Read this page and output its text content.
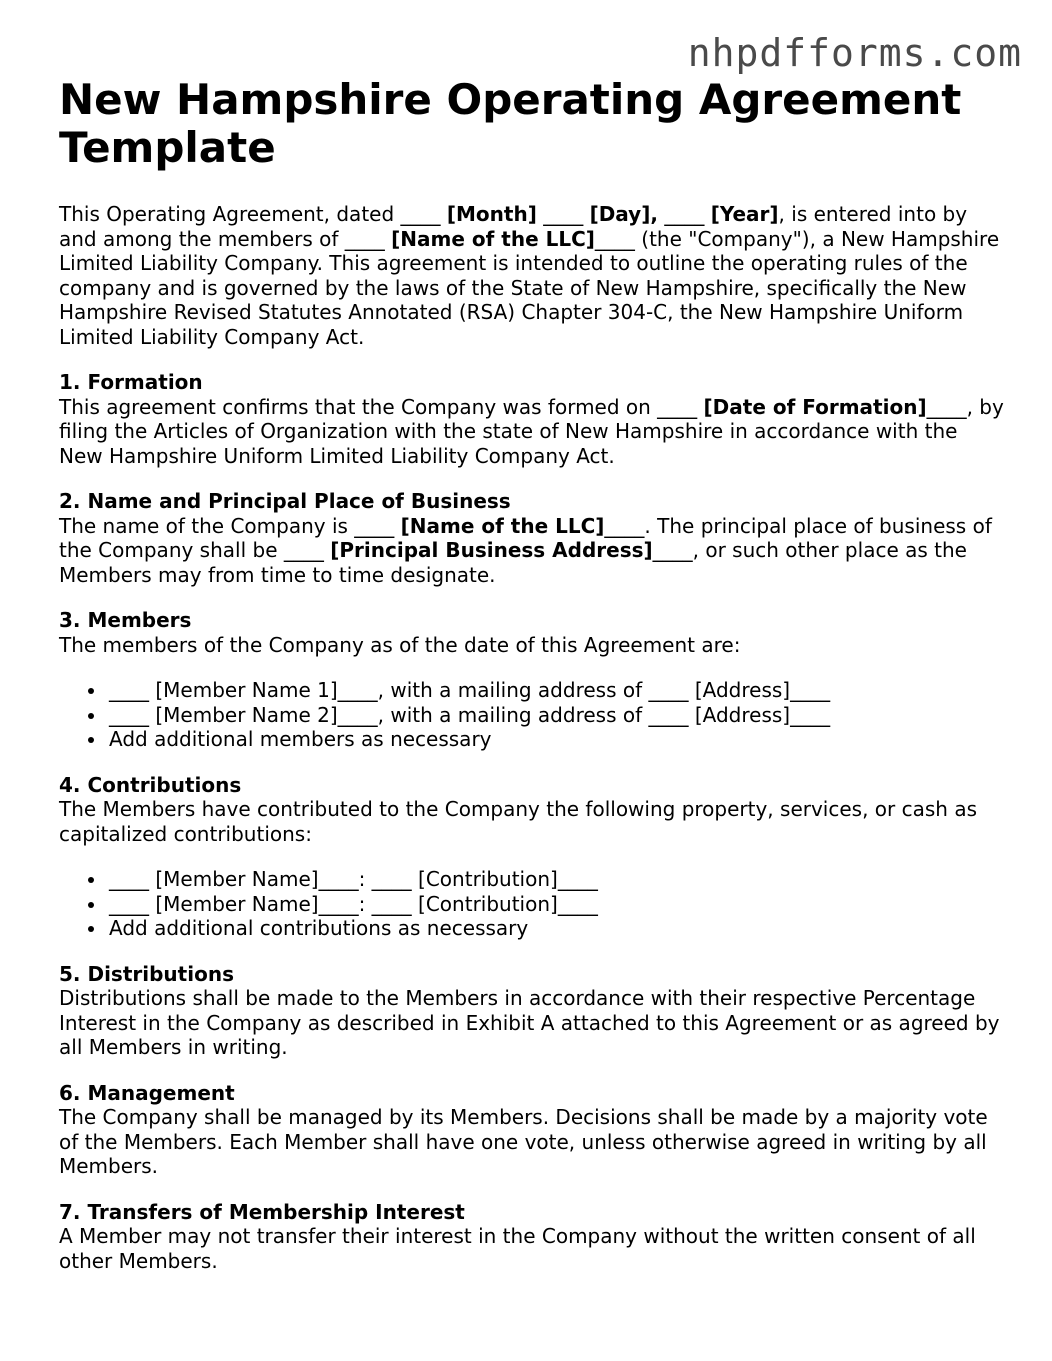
nhpdfforms.com
New Hampshire Operating Agreement Template

This Operating Agreement, dated ____ [Month] ____ [Day], ____ [Year], is entered into by and among the members of ____ [Name of the LLC]____ (the "Company"), a New Hampshire Limited Liability Company. This agreement is intended to outline the operating rules of the company and is governed by the laws of the State of New Hampshire, specifically the New Hampshire Revised Statutes Annotated (RSA) Chapter 304-C, the New Hampshire Uniform Limited Liability Company Act.

1. Formation

This agreement confirms that the Company was formed on ____ [Date of Formation]____, by filing the Articles of Organization with the state of New Hampshire in accordance with the New Hampshire Uniform Limited Liability Company Act.

2. Name and Principal Place of Business

The name of the Company is ____ [Name of the LLC]____. The principal place of business of the Company shall be ____ [Principal Business Address]____, or such other place as the Members may from time to time designate.

3. Members

The members of the Company as of the date of this Agreement are:

____ [Member Name 1]____, with a mailing address of ____ [Address]____
____ [Member Name 2]____, with a mailing address of ____ [Address]____
Add additional members as necessary
4. Contributions

The Members have contributed to the Company the following property, services, or cash as capitalized contributions:

____ [Member Name]____: ____ [Contribution]____
____ [Member Name]____: ____ [Contribution]____
Add additional contributions as necessary
5. Distributions

Distributions shall be made to the Members in accordance with their respective Percentage Interest in the Company as described in Exhibit A attached to this Agreement or as agreed by all Members in writing.

6. Management

The Company shall be managed by its Members. Decisions shall be made by a majority vote of the Members. Each Member shall have one vote, unless otherwise agreed in writing by all Members.

7. Transfers of Membership Interest

A Member may not transfer their interest in the Company without the written consent of all other Members.
